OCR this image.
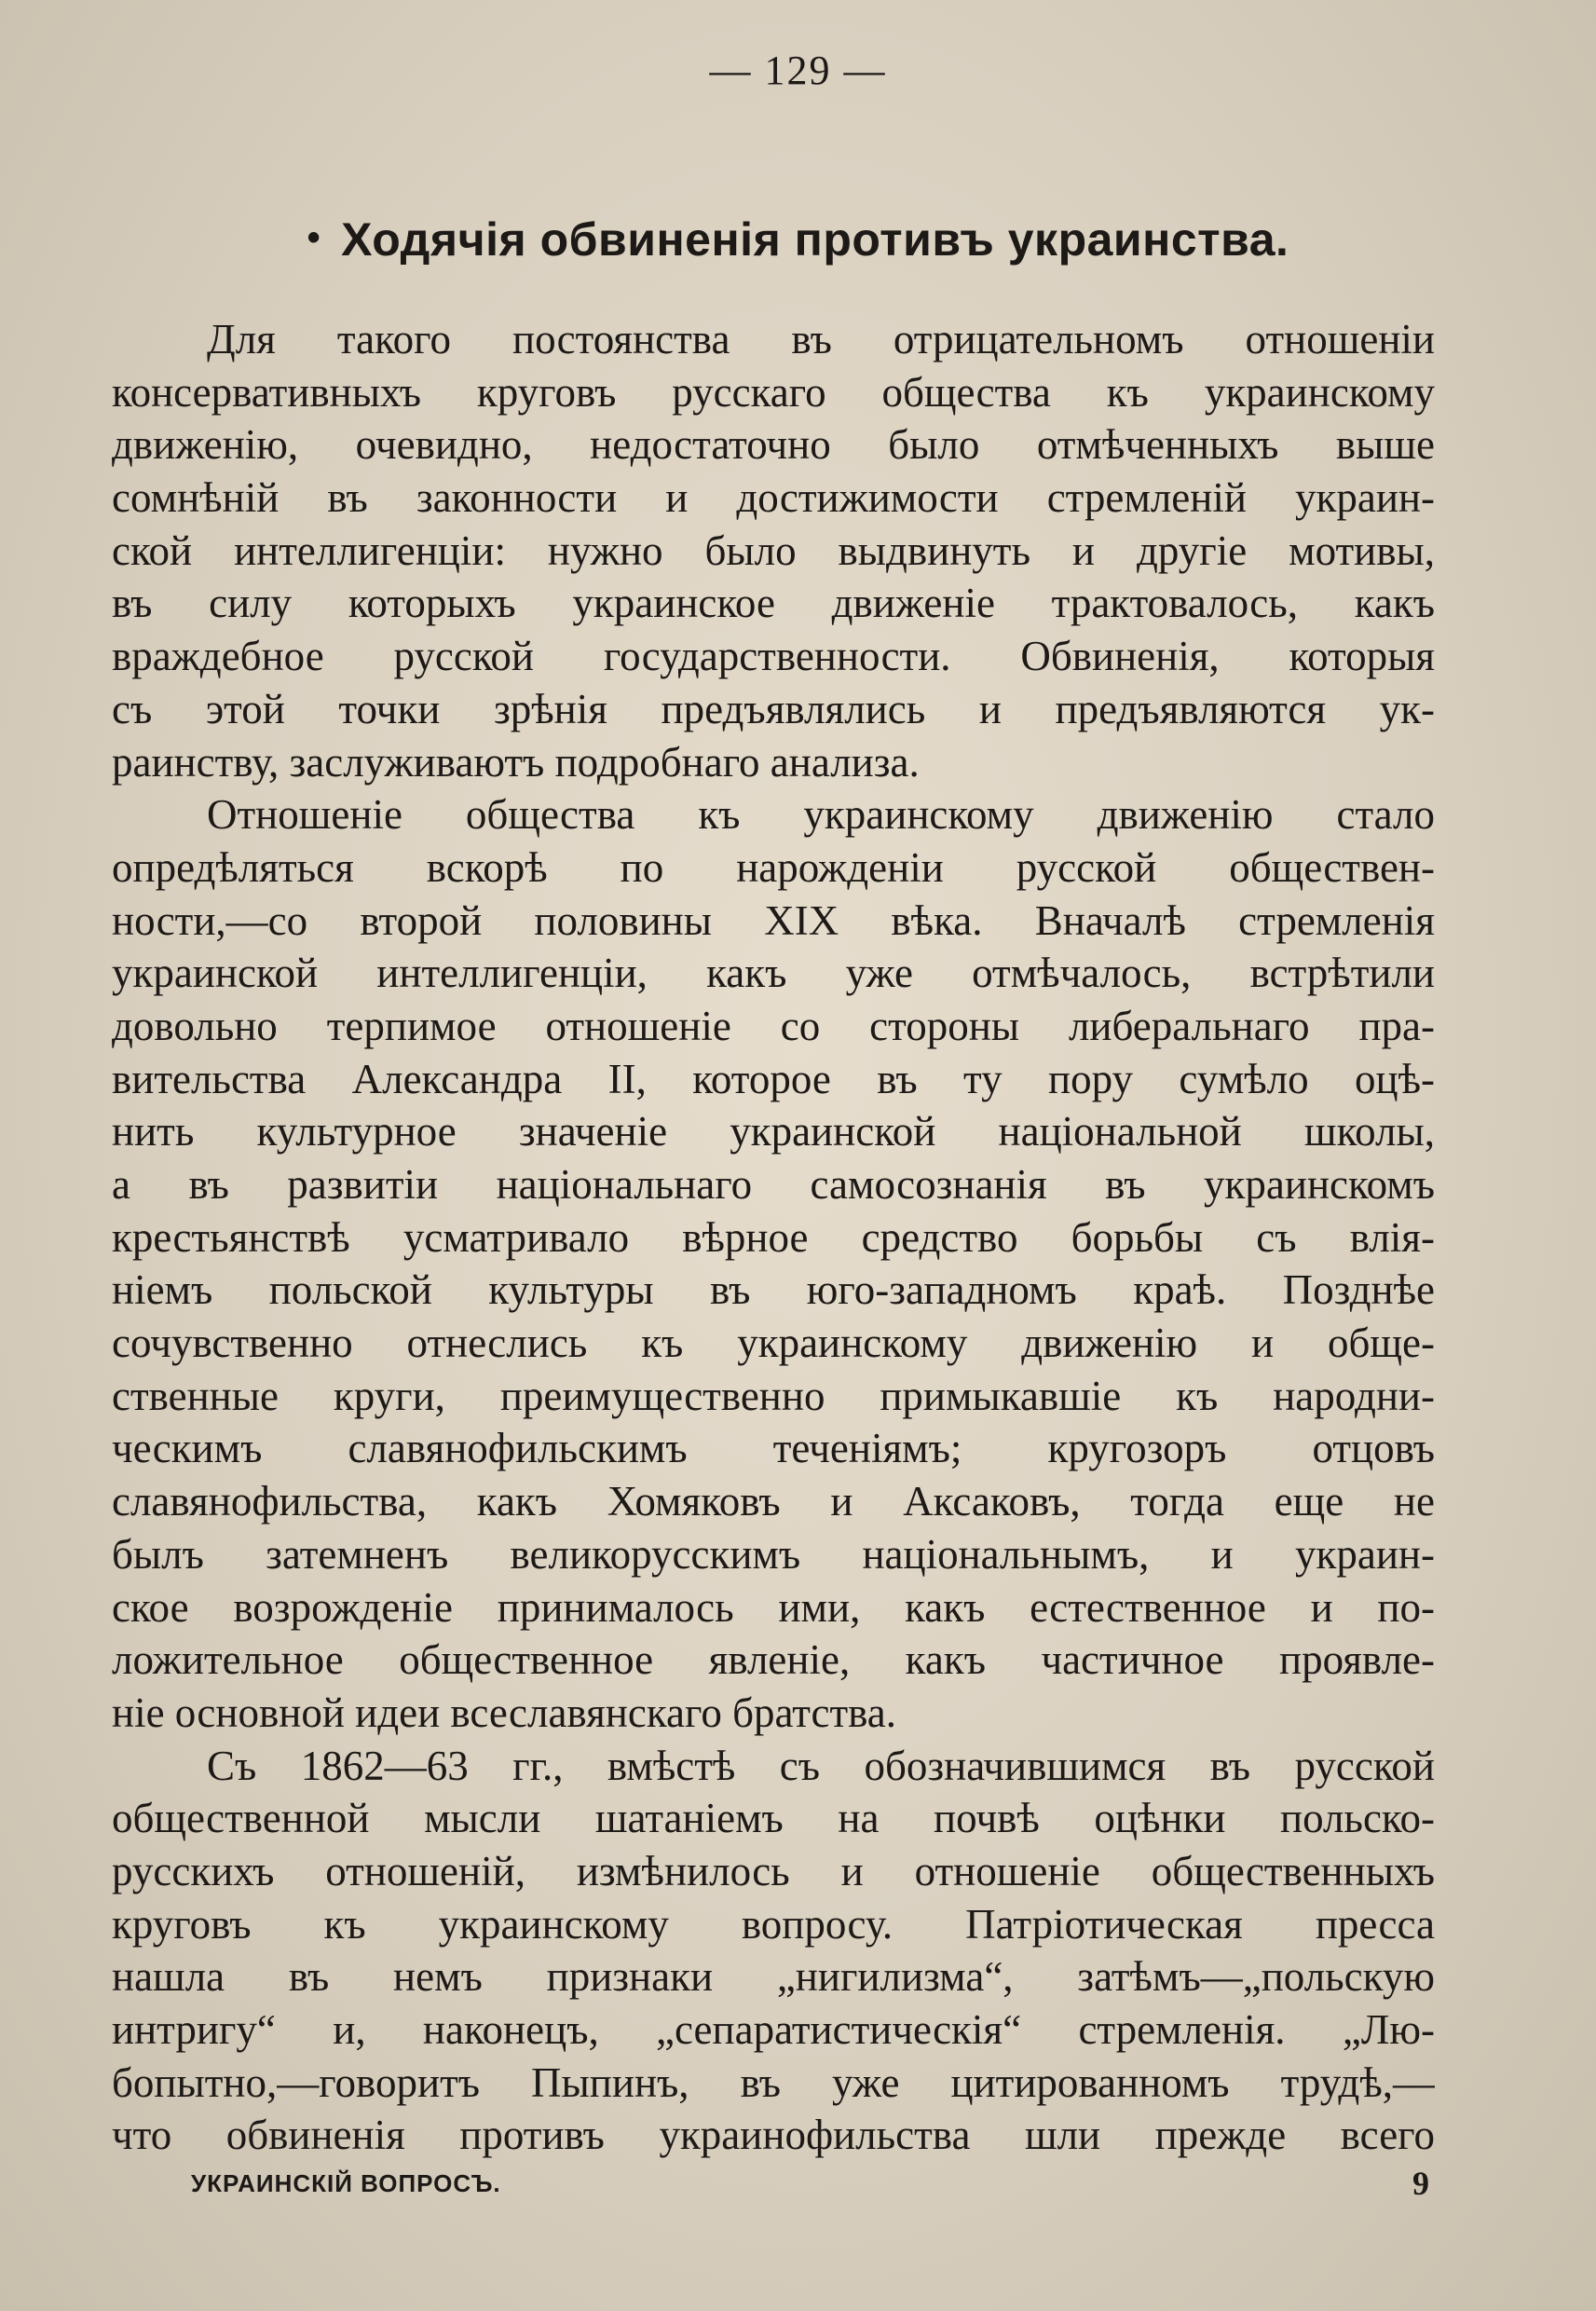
— 129 —
• Ходячія обвиненія противъ украинства.
Для такого постоянства въ отрицательномъ отношеніи
консервативныхъ круговъ русскаго общества къ украинскому
движенію, очевидно, недостаточно было отмѣченныхъ выше
сомнѣній въ законности и достижимости стремленій украин-
ской интеллигенціи: нужно было выдвинуть и другіе мотивы,
въ силу которыхъ украинское движеніе трактовалось, какъ
враждебное русской государственности. Обвиненія, которыя
съ этой точки зрѣнія предъявлялись и предъявляются ук-
раинству, заслуживаютъ подробнаго анализа.
Отношеніе общества къ украинскому движенію стало
опредѣляться вскорѣ по нарожденіи русской обществен-
ности,—со второй половины XIX вѣка. Вначалѣ стремленія
украинской интеллигенціи, какъ уже отмѣчалось, встрѣтили
довольно терпимое отношеніе со стороны либеральнаго пра-
вительства Александра II, которое въ ту пору сумѣло оцѣ-
нить культурное значеніе украинской національной школы,
а въ развитіи національнаго самосознанія въ украинскомъ
крестьянствѣ усматривало вѣрное средство борьбы съ влія-
ніемъ польской культуры въ юго-западномъ краѣ. Позднѣе
сочувственно отнеслись къ украинскому движенію и обще-
ственные круги, преимущественно примыкавшіе къ народни-
ческимъ славянофильскимъ теченіямъ; кругозоръ отцовъ
славянофильства, какъ Хомяковъ и Аксаковъ, тогда еще не
былъ затемненъ великорусскимъ національнымъ, и украин-
ское возрожденіе принималось ими, какъ естественное и по-
ложительное общественное явленіе, какъ частичное проявле-
ніе основной идеи всеславянскаго братства.
Съ 1862—63 гг., вмѣстѣ съ обозначившимся въ русской
общественной мысли шатаніемъ на почвѣ оцѣнки польско-
русскихъ отношеній, измѣнилось и отношеніе общественныхъ
круговъ къ украинскому вопросу. Патріотическая пресса
нашла въ немъ признаки „нигилизма“, затѣмъ—„польскую
интригу“ и, наконецъ, „сепаратистическія“ стремленія. „Лю-
бопытно,—говоритъ Пыпинъ, въ уже цитированномъ трудѣ,—
что обвиненія противъ украинофильства шли прежде всего
УКРАИНСКІЙ ВОПРОСЪ.	9
